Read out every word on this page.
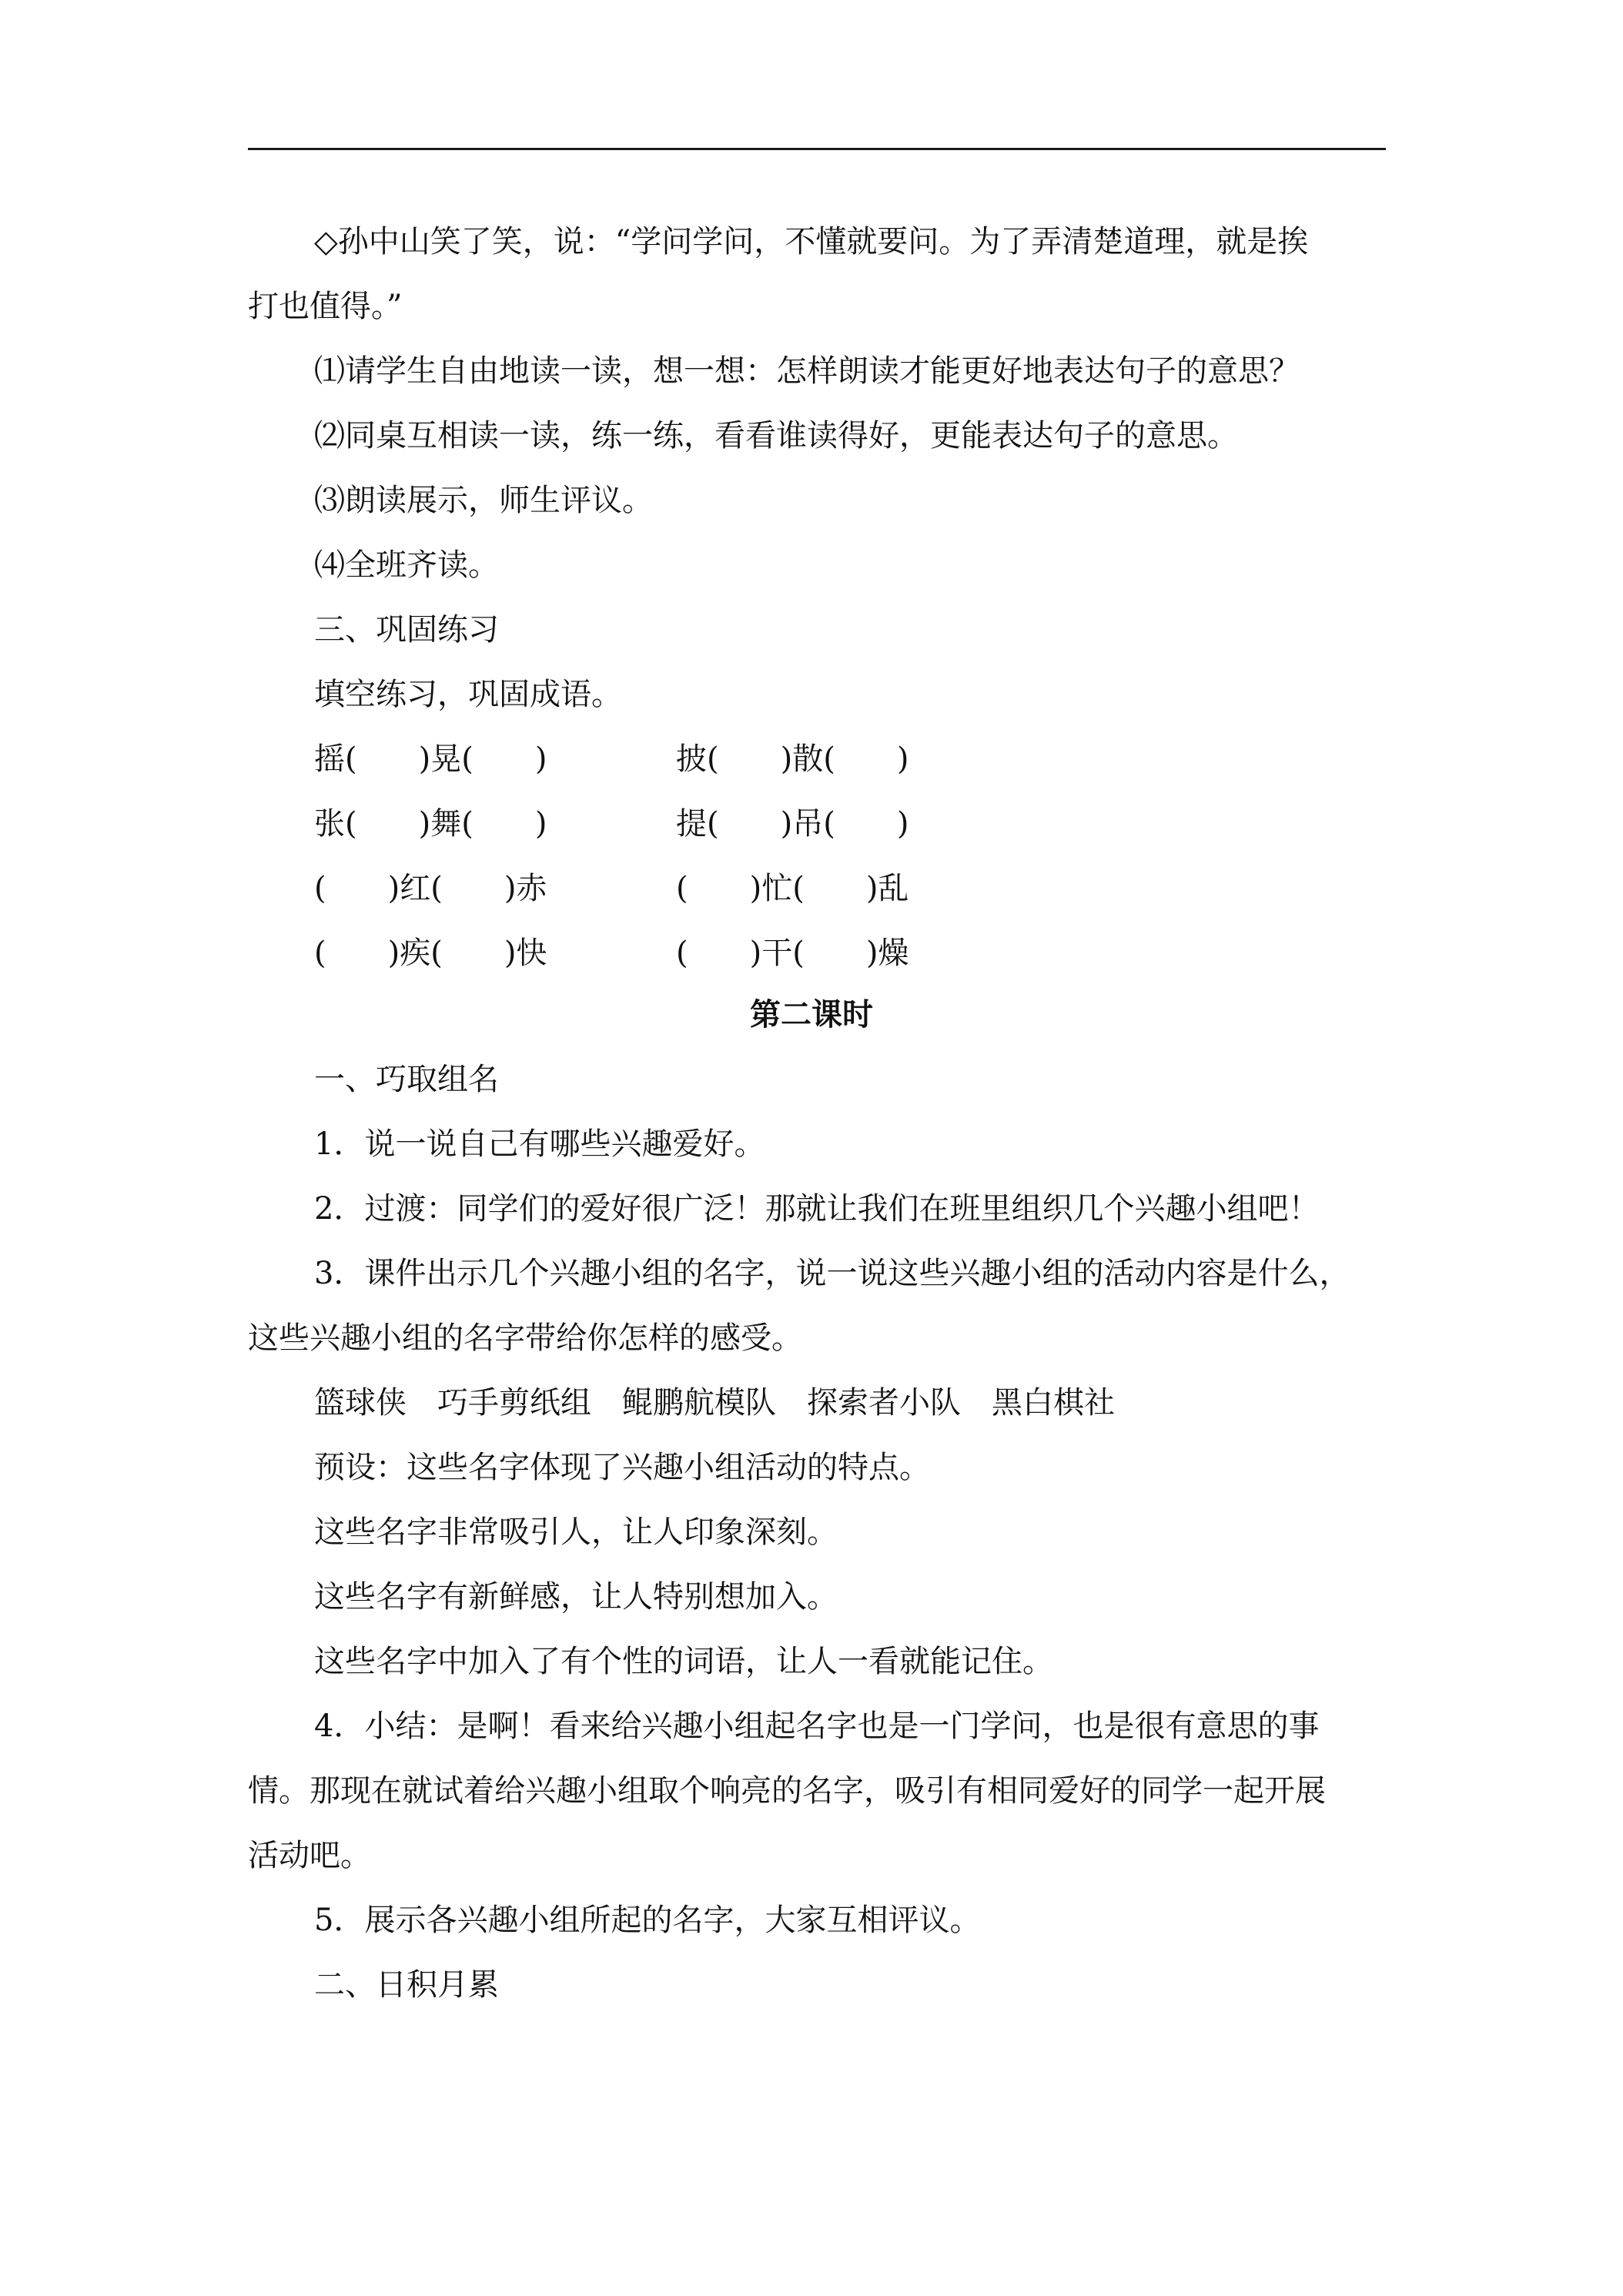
◇孙中山笑了笑，说：“学问学问，不懂就要问。为了弄清楚道理，就是挨
打也值得。”
⑴请学生自由地读一读，想一想：怎样朗读才能更好地表达句子的意思？
⑵同桌互相读一读，练一练，看看谁读得好，更能表达句子的意思。
⑶朗读展示，师生评议。
⑷全班齐读。
三、巩固练习
填空练习，巩固成语。
摇(　　)晃(　　)	披(　　)散(　　)
张(　　)舞(　　)	提(　　)吊(　　)
(　　)红(　　)赤	(　　)忙(　　)乱
(　　)疾(　　)快	(　　)干(　　)燥
第二课时
一、巧取组名
1．说一说自己有哪些兴趣爱好。
2．过渡：同学们的爱好很广泛！那就让我们在班里组织几个兴趣小组吧！
3．课件出示几个兴趣小组的名字，说一说这些兴趣小组的活动内容是什么，
这些兴趣小组的名字带给你怎样的感受。
篮球侠　巧手剪纸组　鲲鹏航模队　探索者小队　黑白棋社
预设：这些名字体现了兴趣小组活动的特点。
这些名字非常吸引人，让人印象深刻。
这些名字有新鲜感，让人特别想加入。
这些名字中加入了有个性的词语，让人一看就能记住。
4．小结：是啊！看来给兴趣小组起名字也是一门学问，也是很有意思的事
情。那现在就试着给兴趣小组取个响亮的名字，吸引有相同爱好的同学一起开展
活动吧。
5．展示各兴趣小组所起的名字，大家互相评议。
二、日积月累
